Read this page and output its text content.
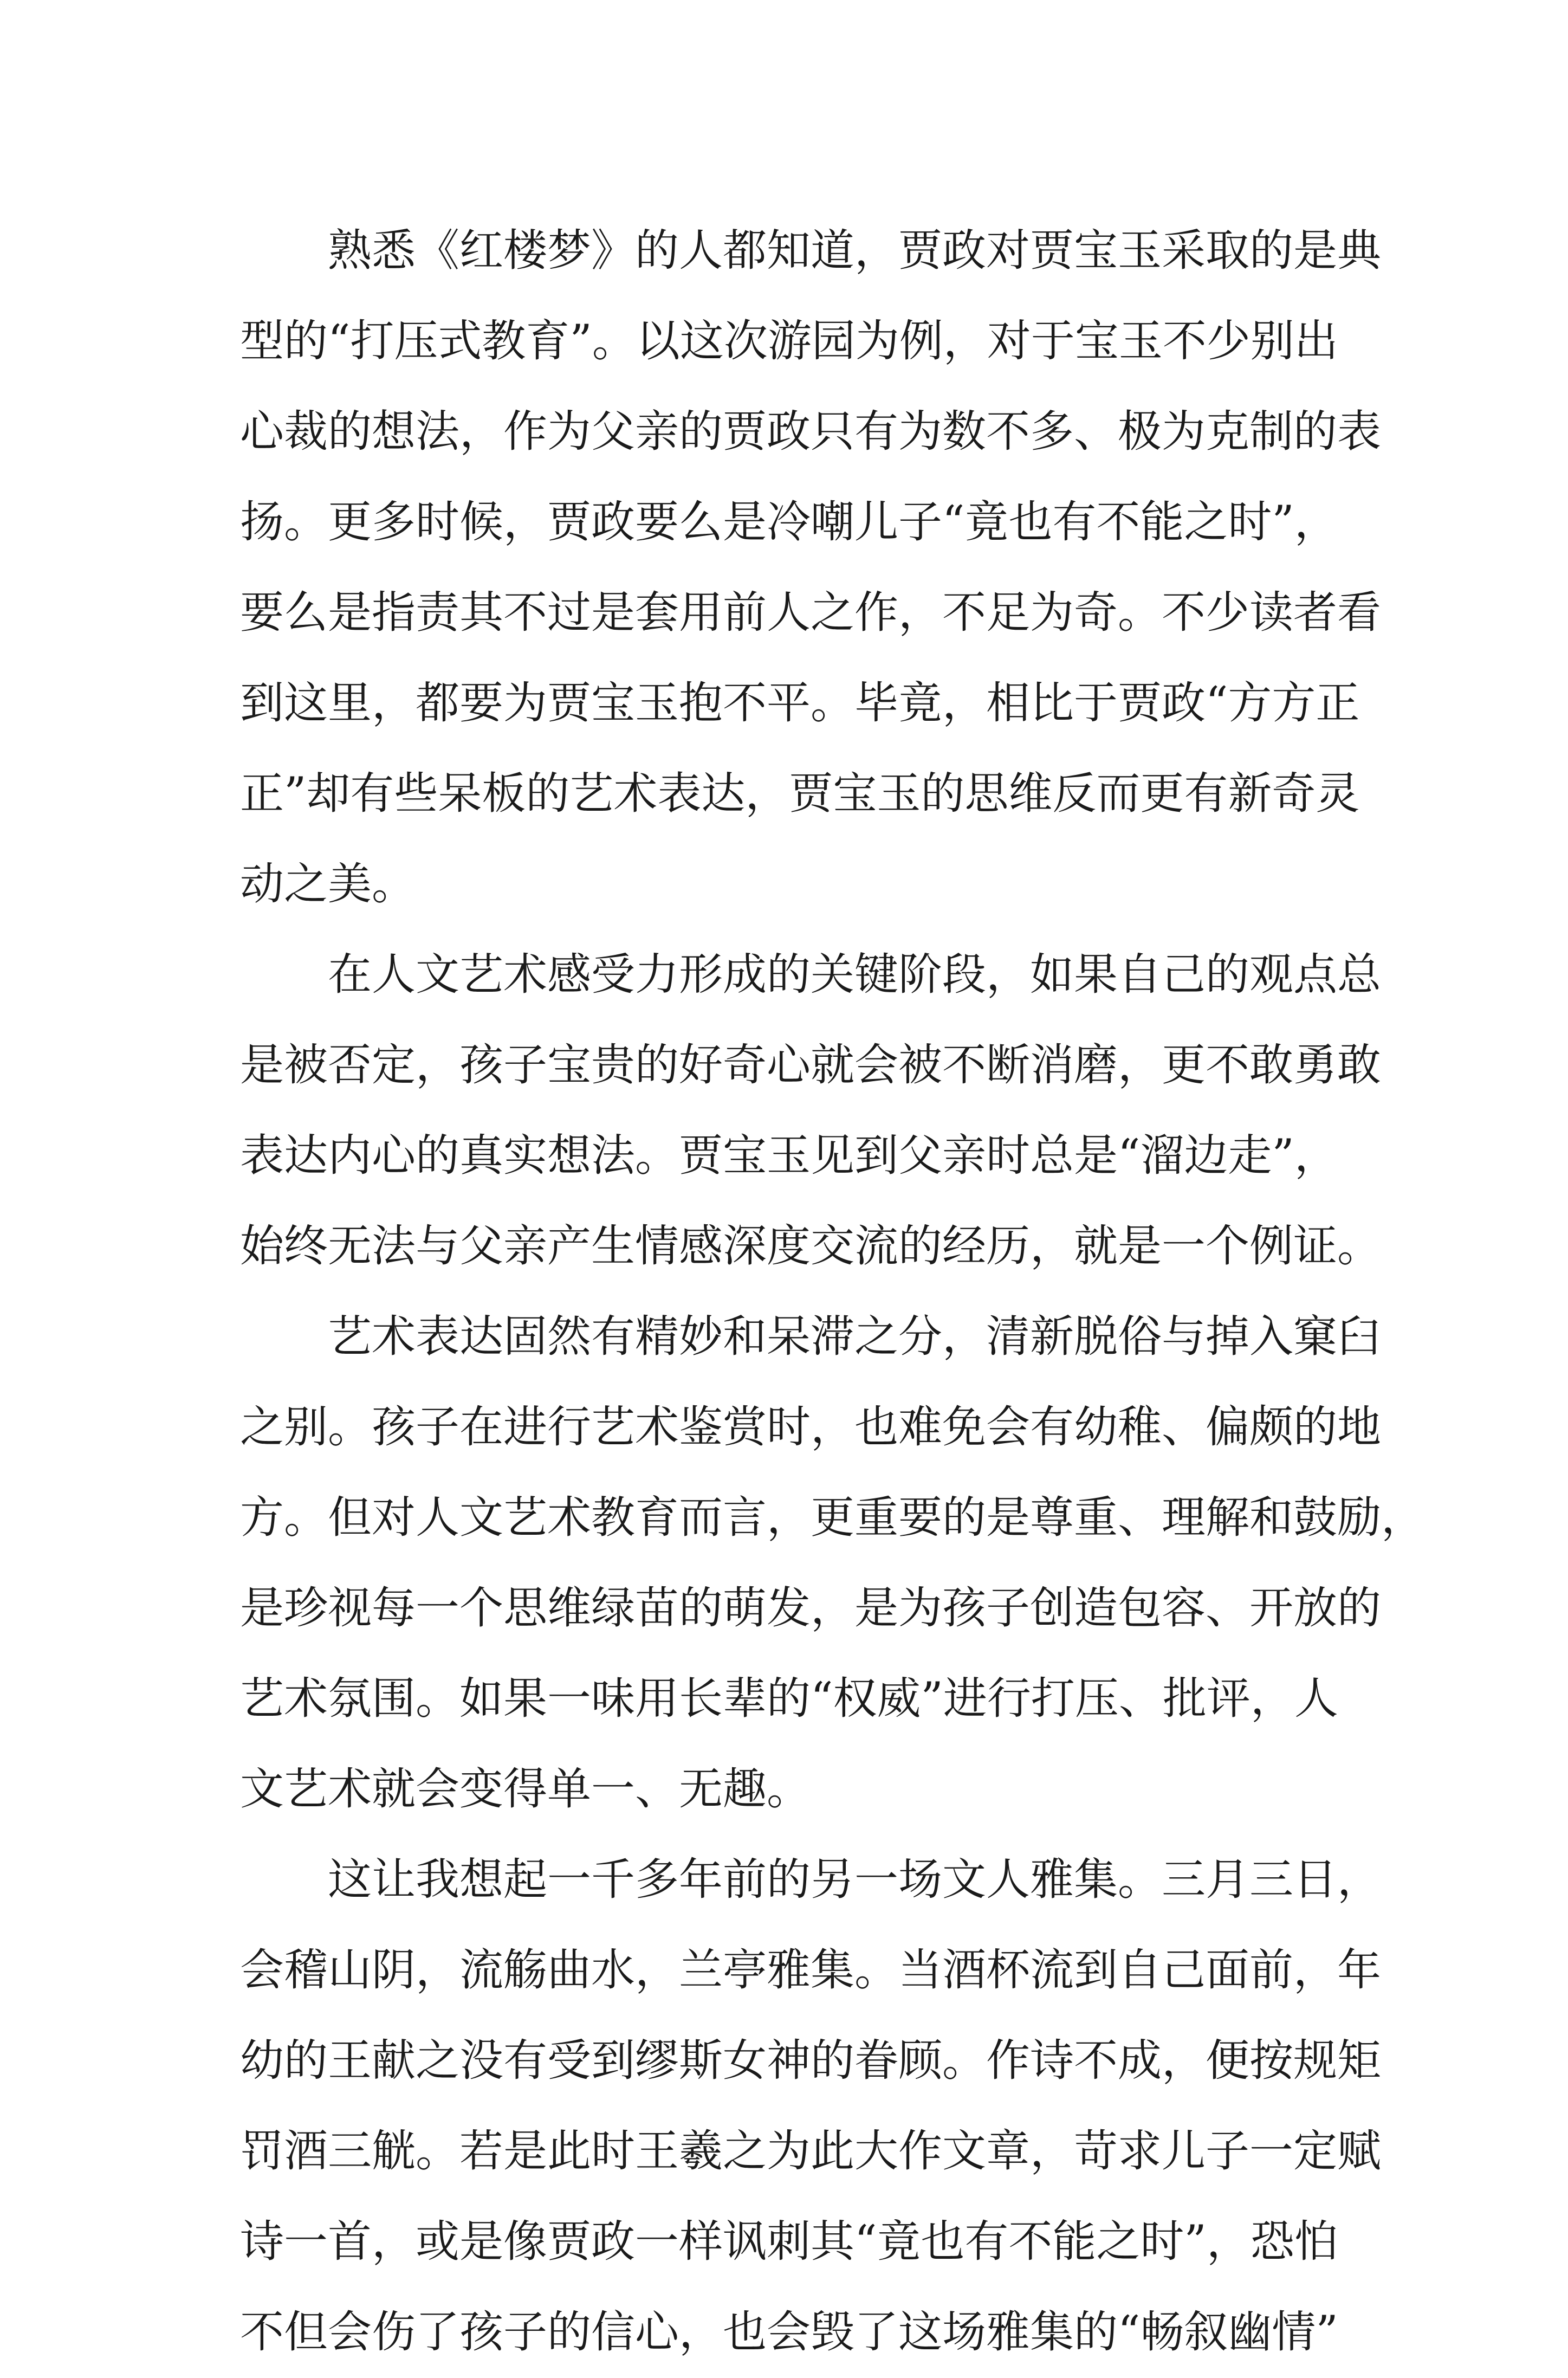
熟悉《红楼梦》的人都知道，贾政对贾宝玉采取的是典
型的“打压式教育”。以这次游园为例，对于宝玉不少别出
心裁的想法，作为父亲的贾政只有为数不多、极为克制的表
扬。更多时候，贾政要么是冷嘲儿子“竟也有不能之时”，
要么是指责其不过是套用前人之作，不足为奇。不少读者看
到这里，都要为贾宝玉抱不平。毕竟，相比于贾政“方方正
正”却有些呆板的艺术表达，贾宝玉的思维反而更有新奇灵
动之美。
在人文艺术感受力形成的关键阶段，如果自己的观点总
是被否定，孩子宝贵的好奇心就会被不断消磨，更不敢勇敢
表达内心的真实想法。贾宝玉见到父亲时总是“溜边走”，
始终无法与父亲产生情感深度交流的经历，就是一个例证。
艺术表达固然有精妙和呆滞之分，清新脱俗与掉入窠臼
之别。孩子在进行艺术鉴赏时，也难免会有幼稚、偏颇的地
方。但对人文艺术教育而言，更重要的是尊重、理解和鼓励，
是珍视每一个思维绿苗的萌发，是为孩子创造包容、开放的
艺术氛围。如果一味用长辈的“权威”进行打压、批评，人
文艺术就会变得单一、无趣。
这让我想起一千多年前的另一场文人雅集。三月三日，
会稽山阴，流觞曲水，兰亭雅集。当酒杯流到自己面前，年
幼的王献之没有受到缪斯女神的眷顾。作诗不成，便按规矩
罚酒三觥。若是此时王羲之为此大作文章，苛求儿子一定赋
诗一首，或是像贾政一样讽刺其“竟也有不能之时”，恐怕
不但会伤了孩子的信心，也会毁了这场雅集的“畅叙幽情”
